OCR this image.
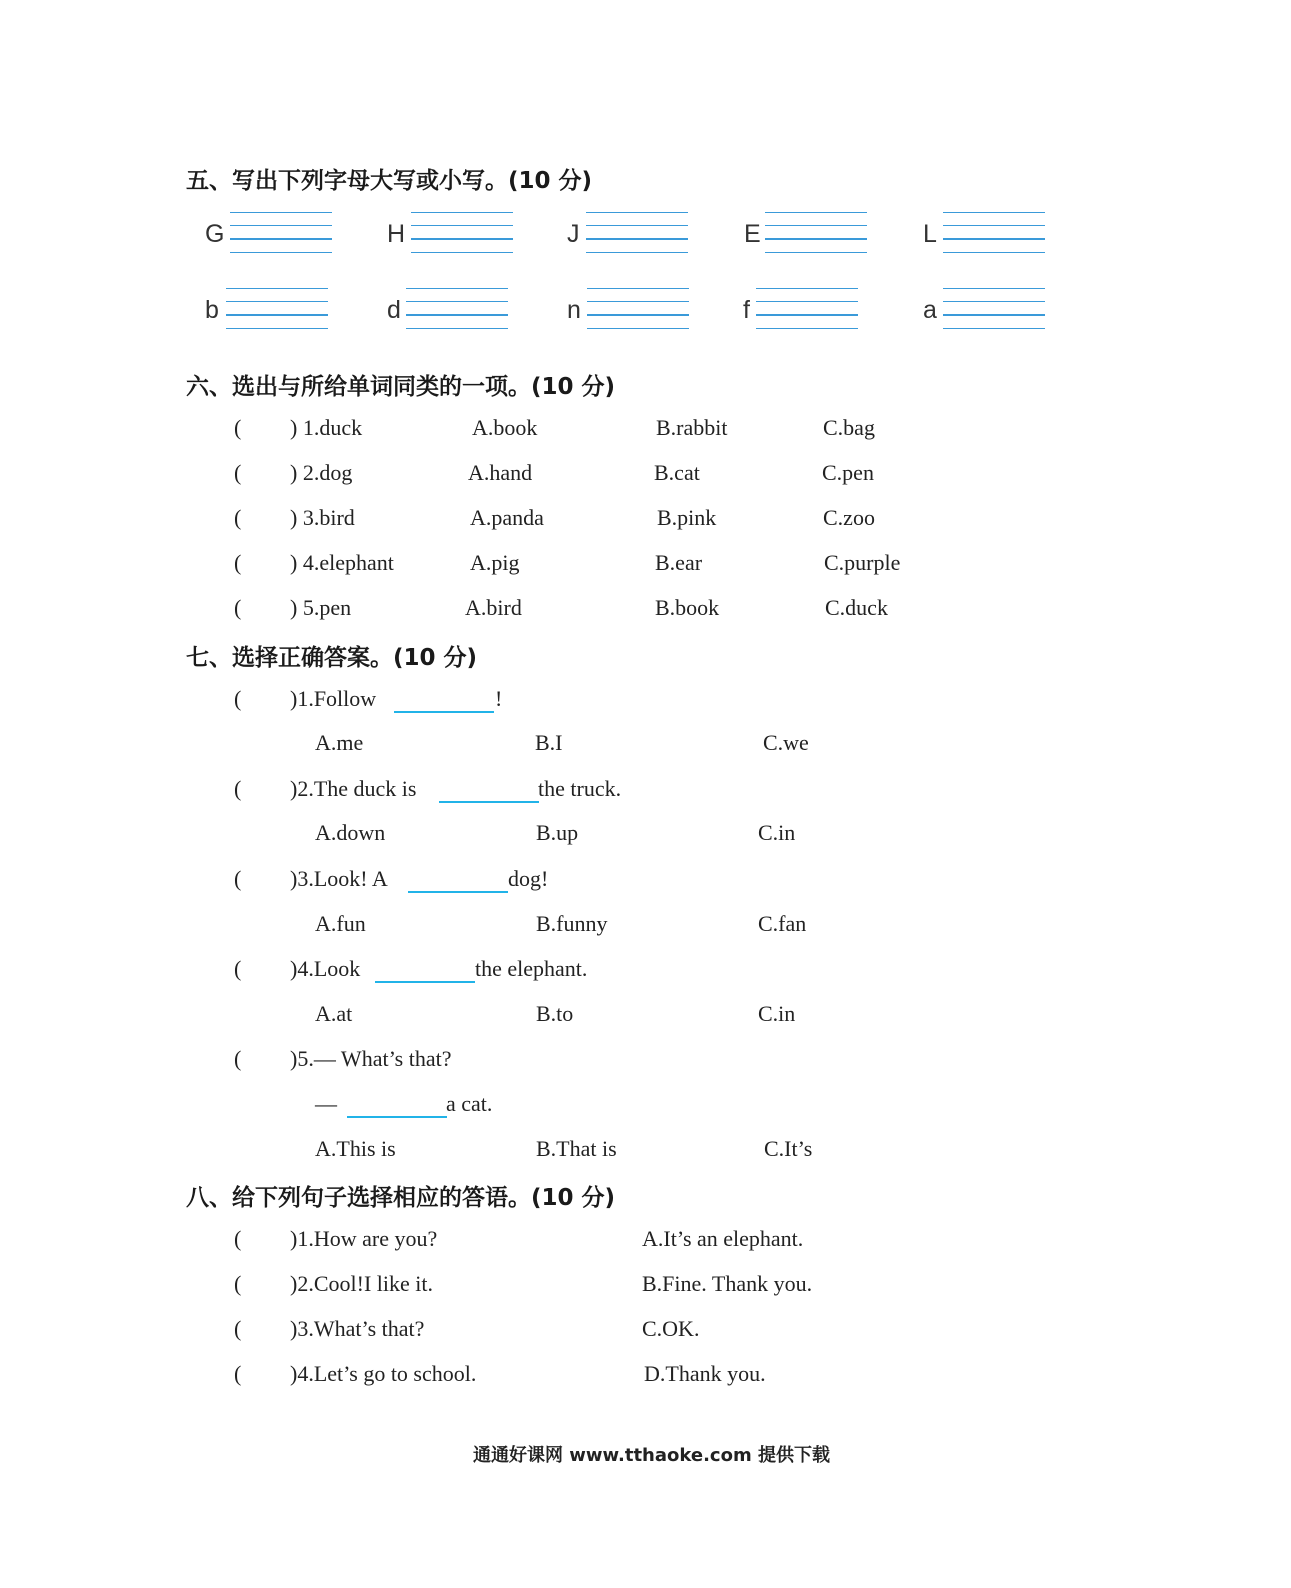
五、写出下列字母大写或小写。(10 分)
G	H	J	E	L
b	d	n	f	a
六、选出与所给单词同类的一项。(10 分)
( ) 1.duck	A.book	B.rabbit	C.bag
( ) 2.dog	A.hand	B.cat	C.pen
( ) 3.bird	A.panda	B.pink	C.zoo
( ) 4.elephant	A.pig	B.ear	C.purple
( ) 5.pen	A.bird	B.book	C.duck
七、选择正确答案。(10 分)
( )1.Follow	!
A.me	B.I	C.we
( )2.The duck is	the truck.
A.down	B.up	C.in
( )3.Look! A	dog!
A.fun	B.funny	C.fan
( )4.Look	the elephant.
A.at	B.to	C.in
( )5.— What’s that?
—	a cat.
A.This is	B.That is	C.It’s
八、给下列句子选择相应的答语。(10 分)
( )1.How are you?	A.It’s an elephant.
( )2.Cool!I like it.	B.Fine. Thank you.
( )3.What’s that?	C.OK.
( )4.Let’s go to school.	D.Thank you.
通通好课网 www.tthaoke.com 提供下载
